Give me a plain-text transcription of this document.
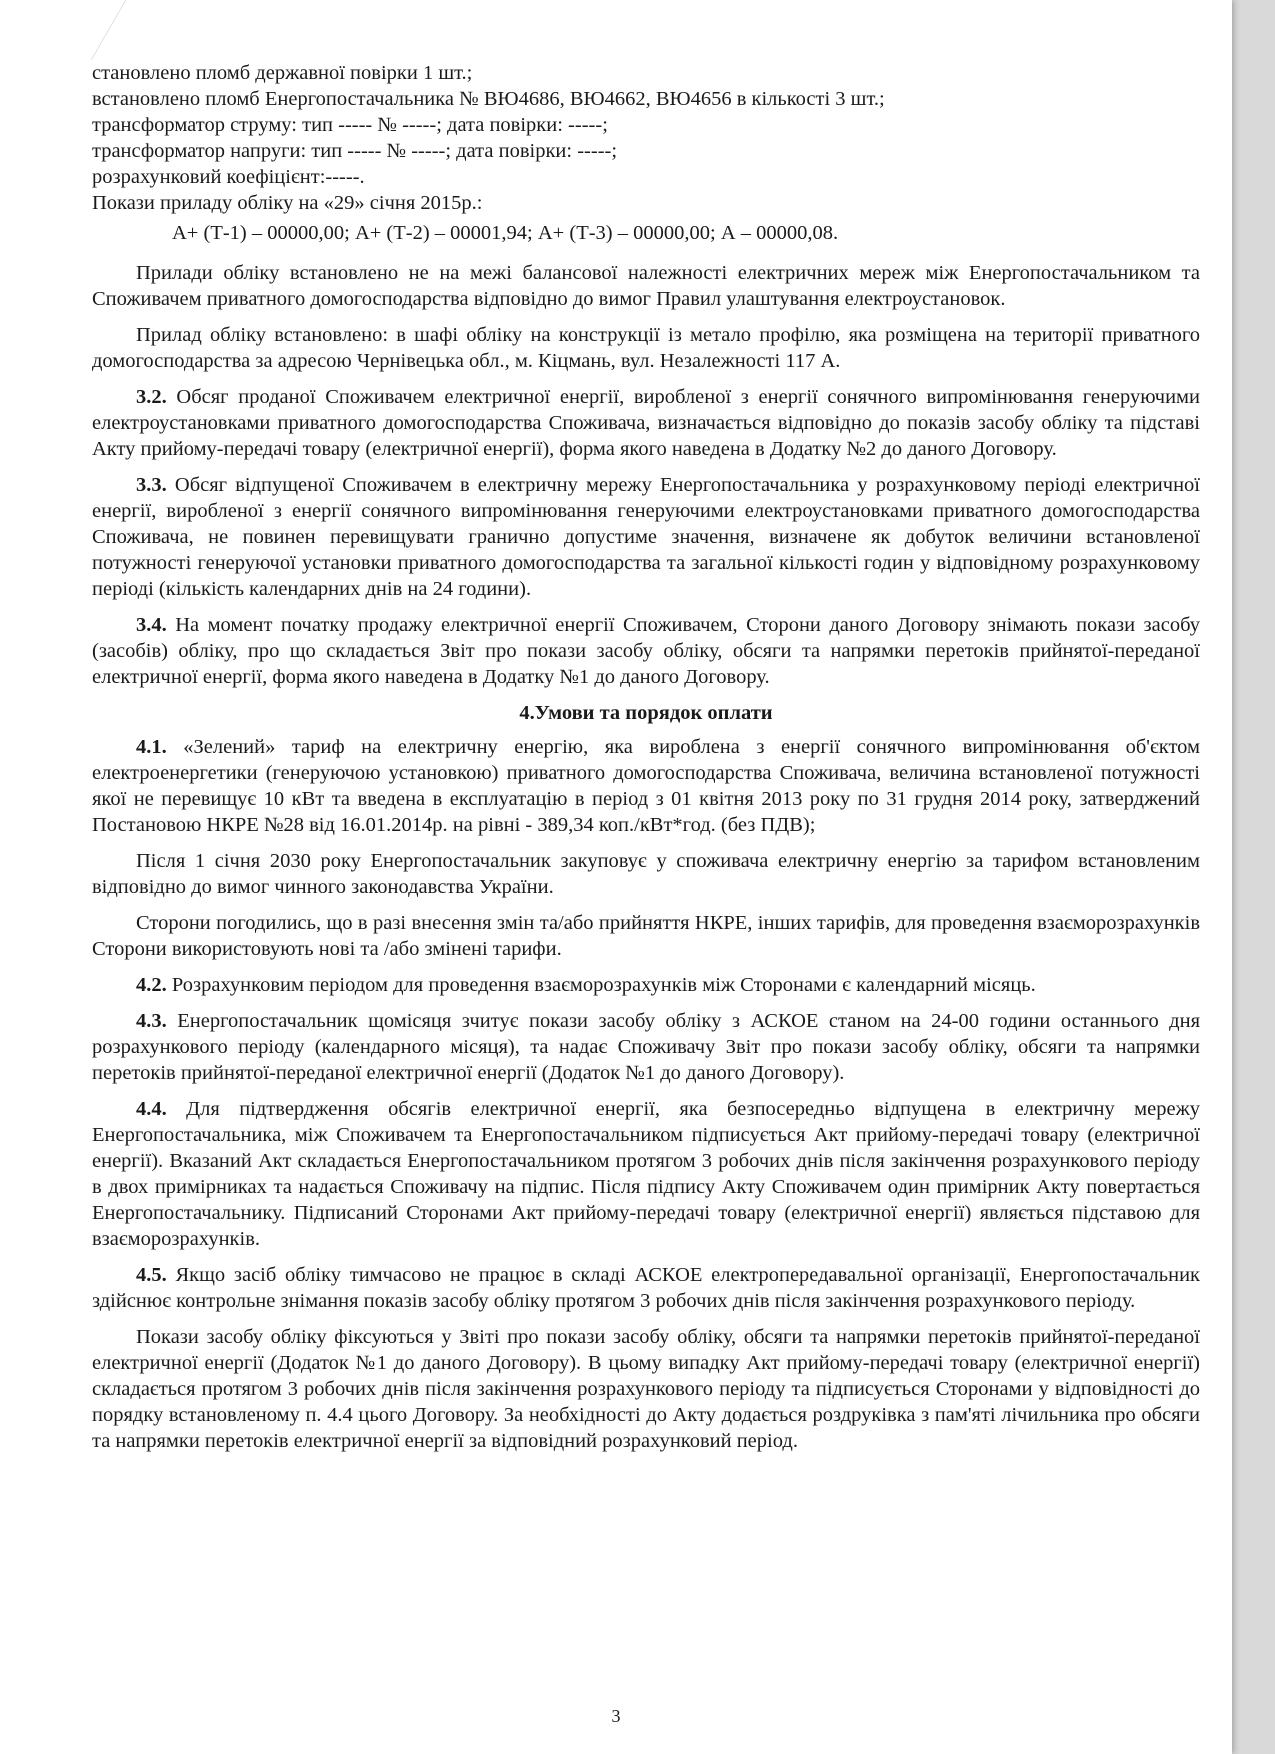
становлено пломб державної повірки 1 шт.;

встановлено пломб Енергопостачальника № ВЮ4686, ВЮ4662, ВЮ4656 в кількості 3 шт.;

трансформатор струму: тип ----- № -----; дата повірки: -----;

трансформатор напруги: тип ----- № -----; дата повірки: -----;

розрахунковий коефіцієнт:-----.

Покази приладу обліку на «29» січня 2015р.:

А+ (Т-1) – 00000,00; А+ (Т-2) – 00001,94; А+ (Т-3) – 00000,00; А – 00000,08.

Прилади обліку встановлено не на межі балансової належності електричних мереж між Енергопостачальником та Споживачем приватного домогосподарства відповідно до вимог Правил улаштування електроустановок.

Прилад обліку встановлено: в шафі обліку на конструкції із метало профілю, яка розміщена на території приватного домогосподарства за адресою Чернівецька обл., м. Кіцмань, вул. Незалежності 117 А.

3.2. Обсяг проданої Споживачем електричної енергії, виробленої з енергії сонячного випромінювання генеруючими електроустановками приватного домогосподарства Споживача, визначається відповідно до показів засобу обліку та підставі Акту прийому-передачі товару (електричної енергії), форма якого наведена в Додатку №2 до даного Договору.

3.3. Обсяг відпущеної Споживачем в електричну мережу Енергопостачальника у розрахунковому періоді електричної енергії, виробленої з енергії сонячного випромінювання генеруючими електроустановками приватного домогосподарства Споживача, не повинен перевищувати гранично допустиме значення, визначене як добуток величини встановленої потужності генеруючої установки приватного домогосподарства та загальної кількості годин у відповідному розрахунковому періоді (кількість календарних днів на 24 години).

3.4. На момент початку продажу електричної енергії Споживачем, Сторони даного Договору знімають покази засобу (засобів) обліку, про що складається Звіт про покази засобу обліку, обсяги та напрямки перетоків прийнятої-переданої електричної енергії, форма якого наведена в Додатку №1 до даного Договору.

4.Умови та порядок оплати

4.1. «Зелений» тариф на електричну енергію, яка вироблена з енергії сонячного випромінювання об'єктом електроенергетики (генеруючою установкою) приватного домогосподарства Споживача, величина встановленої потужності якої не перевищує 10 кВт та введена в експлуатацію в період з 01 квітня 2013 року по 31 грудня 2014 року, затверджений Постановою НКРЕ №28 від 16.01.2014р. на рівні - 389,34 коп./кВт*год. (без ПДВ);

Після 1 січня 2030 року Енергопостачальник закуповує у споживача електричну енергію за тарифом встановленим відповідно до вимог чинного законодавства України.

Сторони погодились, що в разі внесення змін та/або прийняття НКРЕ, інших тарифів, для проведення взаєморозрахунків Сторони використовують нові та /або змінені тарифи.

4.2. Розрахунковим періодом для проведення взаєморозрахунків між Сторонами є календарний місяць.

4.3. Енергопостачальник щомісяця зчитує покази засобу обліку з АСКОЕ станом на 24-00 години останнього дня розрахункового періоду (календарного місяця), та надає Споживачу Звіт про покази засобу обліку, обсяги та напрямки перетоків прийнятої-переданої електричної енергії (Додаток №1 до даного Договору).

4.4. Для підтвердження обсягів електричної енергії, яка безпосередньо відпущена в електричну мережу Енергопостачальника, між Споживачем та Енергопостачальником підписується Акт прийому-передачі товару (електричної енергії). Вказаний Акт складається Енергопостачальником протягом 3 робочих днів після закінчення розрахункового періоду в двох примірниках та надається Споживачу на підпис. Після підпису Акту Споживачем один примірник Акту повертається Енергопостачальнику. Підписаний Сторонами Акт прийому-передачі товару (електричної енергії) являється підставою для взаєморозрахунків.

4.5. Якщо засіб обліку тимчасово не працює в складі АСКОЕ електропередавальної організації, Енергопостачальник здійснює контрольне знімання показів засобу обліку протягом 3 робочих днів після закінчення розрахункового періоду.

Покази засобу обліку фіксуються у Звіті про покази засобу обліку, обсяги та напрямки перетоків прийнятої-переданої електричної енергії (Додаток №1 до даного Договору). В цьому випадку Акт прийому-передачі товару (електричної енергії) складається протягом 3 робочих днів після закінчення розрахункового періоду та підписується Сторонами у відповідності до порядку встановленому п. 4.4 цього Договору. За необхідності до Акту додається роздруківка з пам'яті лічильника про обсяги та напрямки перетоків електричної енергії за відповідний розрахунковий період.

3
